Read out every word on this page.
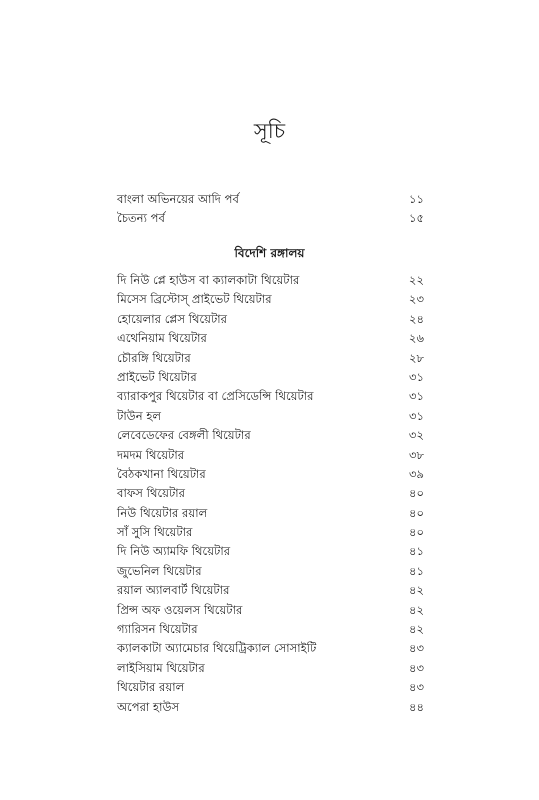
সূচি
বাংলা অভিনয়ের আদি পর্ব	১১
চৈতন্য পর্ব	১৫
বিদেশি রঙ্গালয়
দি নিউ প্লে হাউস বা ক্যালকাটা থিয়েটার	২২
মিসেস ব্রিস্টোস্ প্রাইভেট থিয়েটার	২৩
হোয়েলার প্লেস থিয়েটার	২৪
এথেনিয়াম থিয়েটার	২৬
চৌরঙ্গি থিয়েটার	২৮
প্রাইভেট থিয়েটার	৩১
ব্যারাকপুর থিয়েটার বা প্রেসিডেন্সি থিয়েটার	৩১
টাউন হল	৩১
লেবেডেফের বেঙ্গলী থিয়েটার	৩২
দমদম থিয়েটার	৩৮
বৈঠকখানা থিয়েটার	৩৯
বাফস থিয়েটার	৪০
নিউ থিয়েটার রয়াল	৪০
সাঁ সুসি থিয়েটার	৪০
দি নিউ অ্যামফি থিয়েটার	৪১
জুভেনিল থিয়েটার	৪১
রয়াল অ্যালবার্ট থিয়েটার	৪২
প্রিন্স অফ ওয়েলস থিয়েটার	৪২
গ্যারিসন থিয়েটার	৪২
ক্যালকাটা অ্যামেচার থিয়েট্রিক্যাল সোসাইটি	৪৩
লাইসিয়াম থিয়েটার	৪৩
থিয়েটার রয়াল	৪৩
অপেরা হাউস	৪৪
